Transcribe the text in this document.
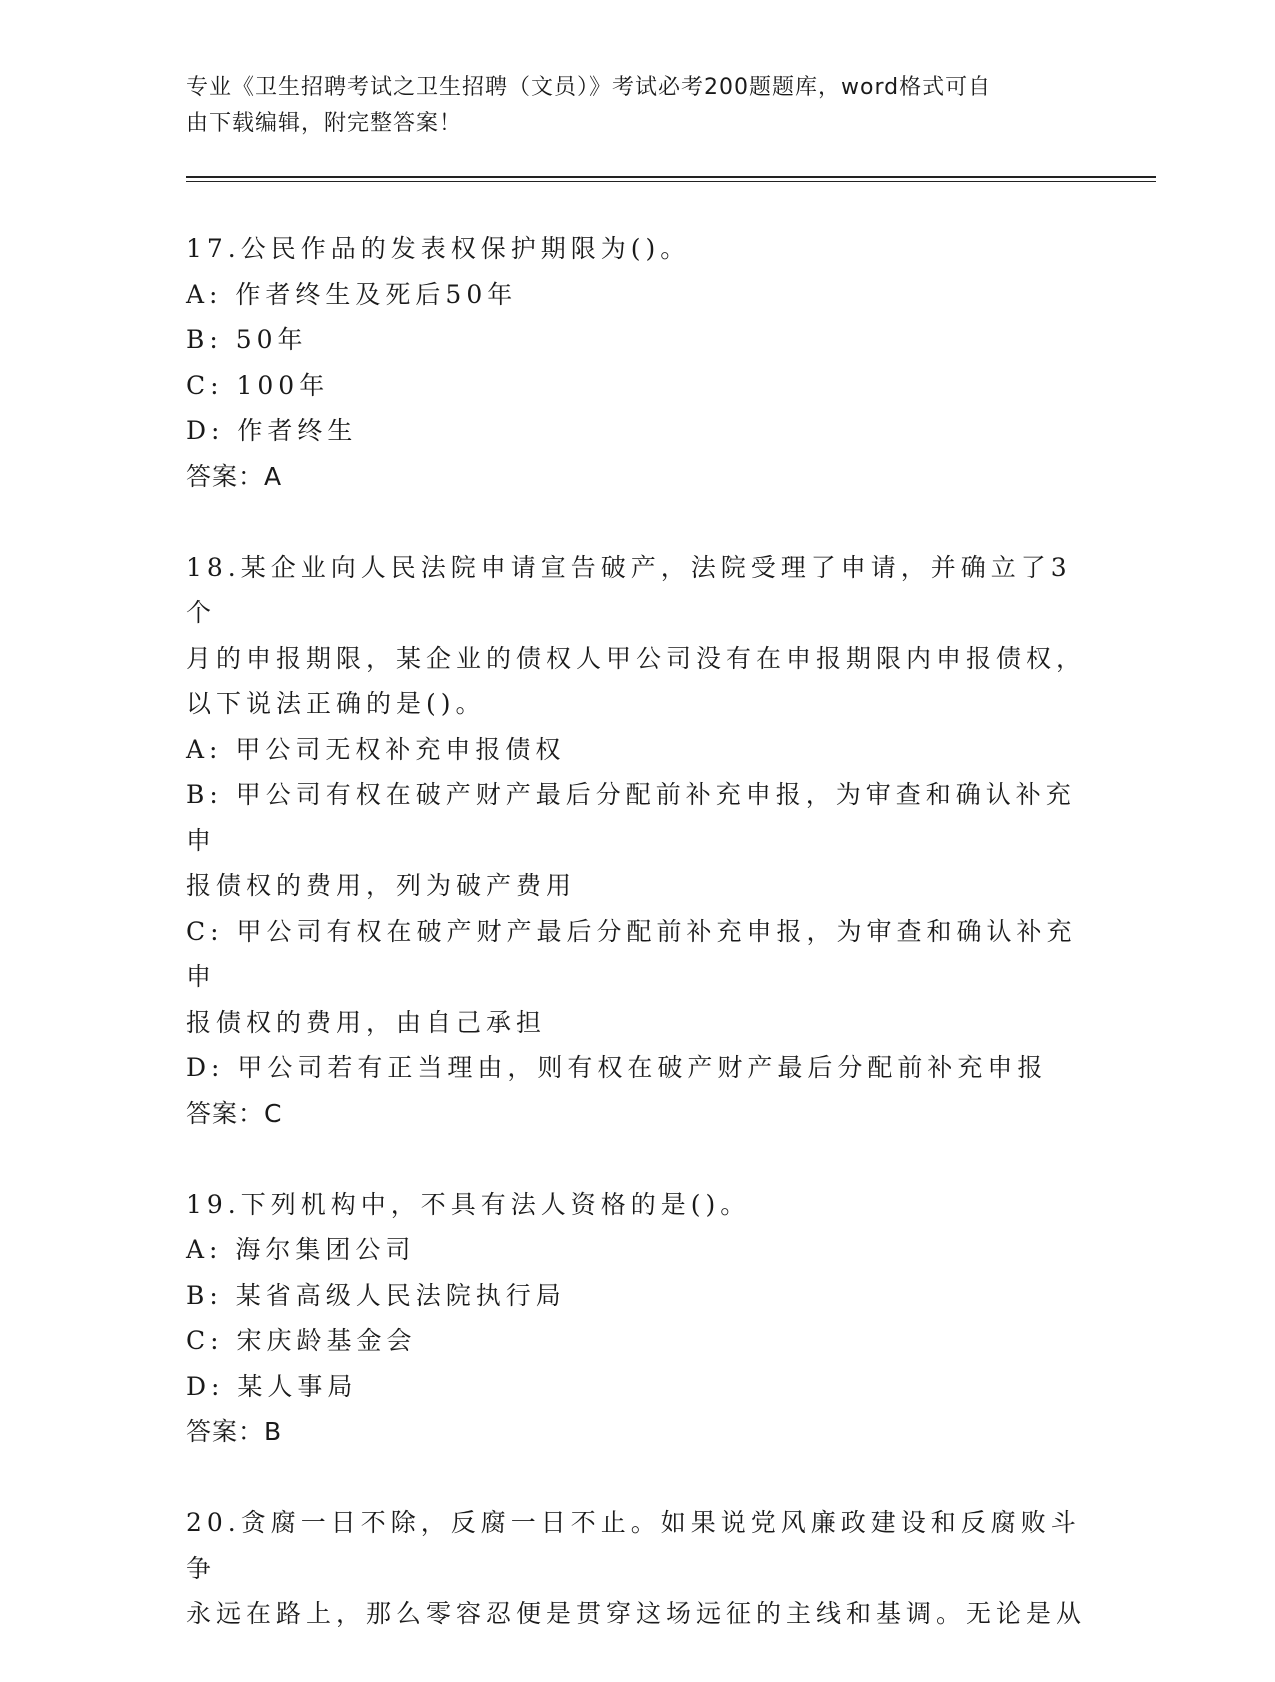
专业《卫生招聘考试之卫生招聘（文员）》考试必考200题题库，word格式可自
由下载编辑，附完整答案！
17.公民作品的发表权保护期限为()。
A: 作者终生及死后50年
B: 50年
C: 100年
D: 作者终生
答案：A
18.某企业向人民法院申请宣告破产，法院受理了申请，并确立了3个
月的申报期限，某企业的债权人甲公司没有在申报期限内申报债权，
以下说法正确的是()。
A: 甲公司无权补充申报债权
B: 甲公司有权在破产财产最后分配前补充申报，为审查和确认补充申
报债权的费用，列为破产费用
C: 甲公司有权在破产财产最后分配前补充申报，为审查和确认补充申
报债权的费用，由自己承担
D: 甲公司若有正当理由，则有权在破产财产最后分配前补充申报
答案：C
19.下列机构中，不具有法人资格的是()。
A: 海尔集团公司
B: 某省高级人民法院执行局
C: 宋庆龄基金会
D: 某人事局
答案：B
20.贪腐一日不除，反腐一日不止。如果说党风廉政建设和反腐败斗争
永远在路上，那么零容忍便是贯穿这场远征的主线和基调。无论是从
